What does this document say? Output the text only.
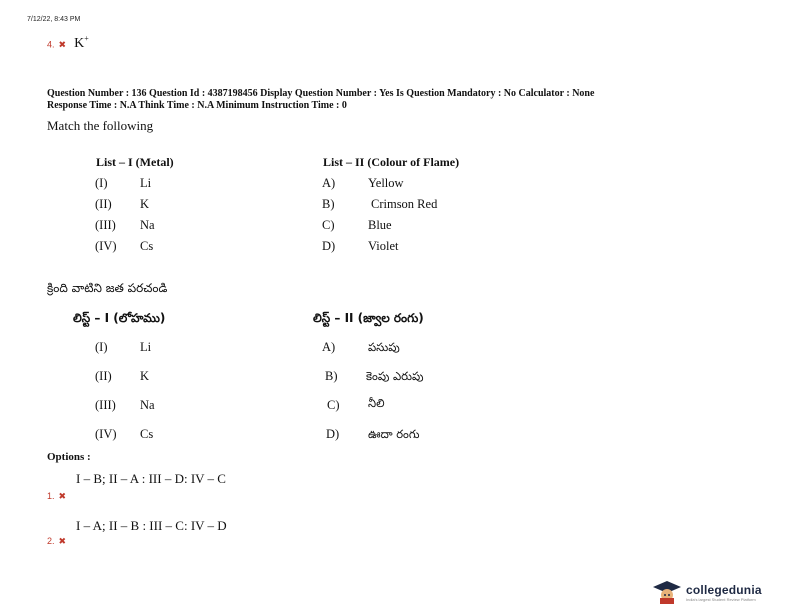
7/12/22, 8:43 PM
4. ✖ K+
Question Number : 136 Question Id : 4387198456 Display Question Number : Yes Is Question Mandatory : No Calculator : None
Response Time : N.A Think Time : N.A Minimum Instruction Time : 0
Match the following
List – I (Metal)	List – II (Colour of Flame)
(I)	Li	A)	Yellow
(II) K	B)	Crimson Red
(III) Na	C)	Blue
(IV) Cs	D)	Violet
క్రింది వాటిని జత పరచండి
లిస్ట్ – I (లోహము)	లిస్ట్ – II (జ్వాల రంగు)
(I)	Li	A)	పసుపు
(II) K	B) కెంపు ఎరుపు
(III) Na	C) నీలి
(IV) Cs	D)	ఊదా రంగు
Options :
I – B; II – A : III – D: IV – C
1. ✖
I – A; II – B : III – C: IV – D
2. ✖
collegedunia
India's largest Student Review Platform
